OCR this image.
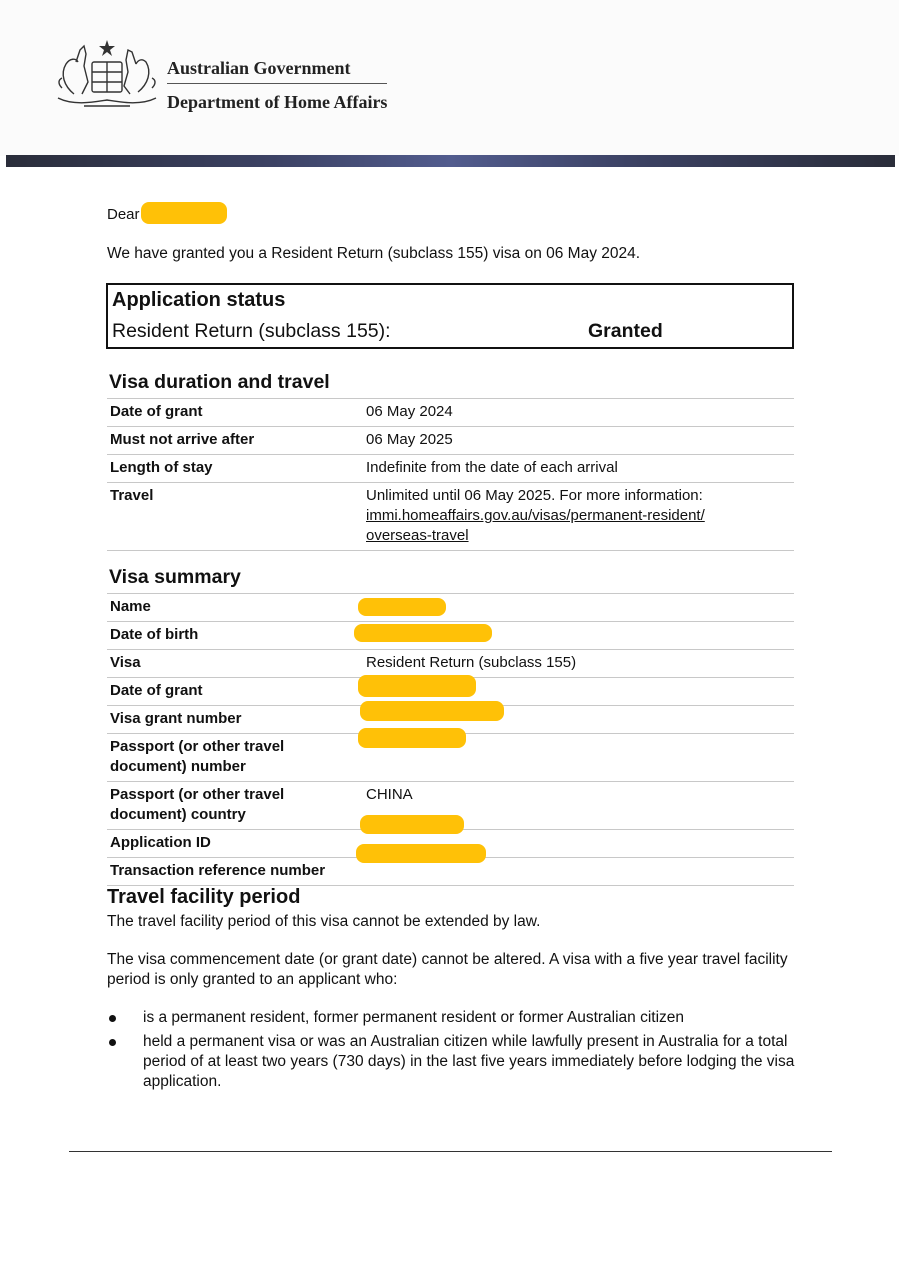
Australian Government
Department of Home Affairs
Dear
We have granted you a Resident Return (subclass 155) visa on 06 May 2024.
Application status
Resident Return (subclass 155):	Granted
Visa duration and travel
Date of grant	06 May 2024
Must not arrive after	06 May 2025
Length of stay	Indefinite from the date of each arrival
Travel	Unlimited until 06 May 2025. For more information:
immi.homeaffairs.gov.au/visas/permanent-resident/
overseas-travel
Visa summary
Name	
Date of birth	
Visa	Resident Return (subclass 155)
Date of grant	
Visa grant number	
Passport (or other travel document) number	
Passport (or other travel document) country	CHINA
Application ID	
Transaction reference number	
Travel facility period
The travel facility period of this visa cannot be extended by law.
The visa commencement date (or grant date) cannot be altered. A visa with a five year travel facility period is only granted to an applicant who:
is a permanent resident, former permanent resident or former Australian citizen
held a permanent visa or was an Australian citizen while lawfully present in Australia for a total period of at least two years (730 days) in the last five years immediately before lodging the visa application.
